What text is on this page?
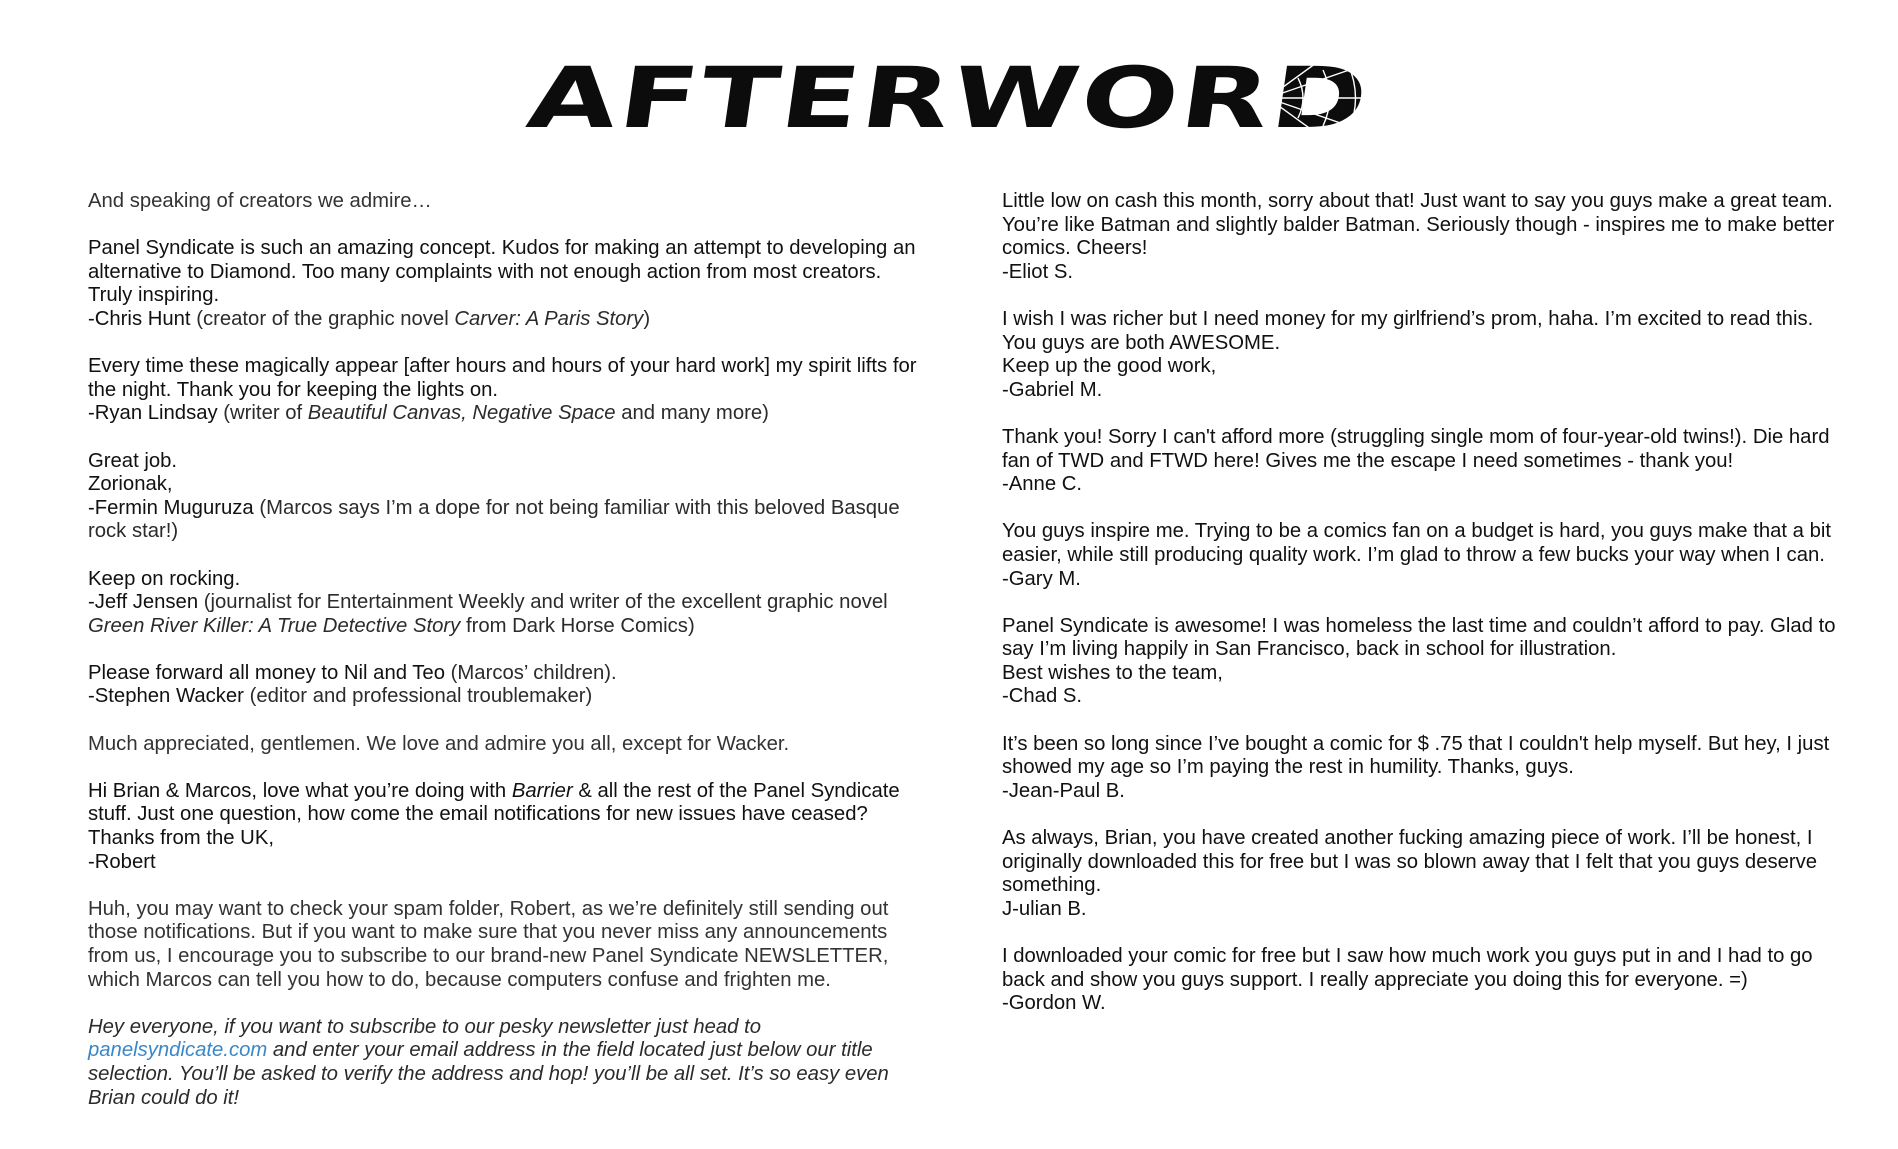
AFTERWORD
And speaking of creators we admire…

Panel Syndicate is such an amazing concept. Kudos for making an attempt to developing an alternative to Diamond. Too many complaints with not enough action from most creators. Truly inspiring.

-Chris Hunt (creator of the graphic novel Carver: A Paris Story)

Every time these magically appear [after hours and hours of your hard work] my spirit lifts for the night. Thank you for keeping the lights on.

-Ryan Lindsay (writer of Beautiful Canvas, Negative Space and many more)

Great job.

Zorionak,

-Fermin Muguruza (Marcos says I’m a dope for not being familiar with this beloved Basque rock star!)

Keep on rocking.

-Jeff Jensen (journalist for Entertainment Weekly and writer of the excellent graphic novel Green River Killer: A True Detective Story from Dark Horse Comics)

Please forward all money to Nil and Teo (Marcos’ children).

-Stephen Wacker (editor and professional troublemaker)

Much appreciated, gentlemen. We love and admire you all, except for Wacker.

Hi Brian & Marcos, love what you’re doing with Barrier & all the rest of the Panel Syndicate stuff. Just one question, how come the email notifications for new issues have ceased?

Thanks from the UK,

-Robert

Huh, you may want to check your spam folder, Robert, as we’re definitely still sending out those notifications. But if you want to make sure that you never miss any announcements from us, I encourage you to subscribe to our brand-new Panel Syndicate NEWSLETTER, which Marcos can tell you how to do, because computers confuse and frighten me.
Hey everyone, if you want to subscribe to our pesky newsletter just head to panelsyndicate.com and enter your email address in the field located just below our title selection. You’ll be asked to verify the address and hop! you’ll be all set. It’s so easy even Brian could do it!

Little low on cash this month, sorry about that! Just want to say you guys make a great team. You’re like Batman and slightly balder Batman. Seriously though - inspires me to make better comics. Cheers!

-Eliot S.

I wish I was richer but I need money for my girlfriend’s prom, haha. I’m excited to read this. You guys are both AWESOME.

Keep up the good work,

-Gabriel M.

Thank you! Sorry I can't afford more (struggling single mom of four-year-old twins!). Die hard fan of TWD and FTWD here! Gives me the escape I need sometimes - thank you!

-Anne C.

You guys inspire me. Trying to be a comics fan on a budget is hard, you guys make that a bit easier, while still producing quality work. I’m glad to throw a few bucks your way when I can.

-Gary M.

Panel Syndicate is awesome! I was homeless the last time and couldn’t afford to pay. Glad to say I’m living happily in San Francisco, back in school for illustration.

Best wishes to the team,

-Chad S.

It’s been so long since I’ve bought a comic for $ .75 that I couldn't help myself. But hey, I just showed my age so I’m paying the rest in humility. Thanks, guys.

-Jean-Paul B.

As always, Brian, you have created another fucking amazing piece of work. I’ll be honest, I originally downloaded this for free but I was so blown away that I felt that you guys deserve something.

J-ulian B.

I downloaded your comic for free but I saw how much work you guys put in and I had to go back and show you guys support. I really appreciate you doing this for everyone. =)

-Gordon W.
